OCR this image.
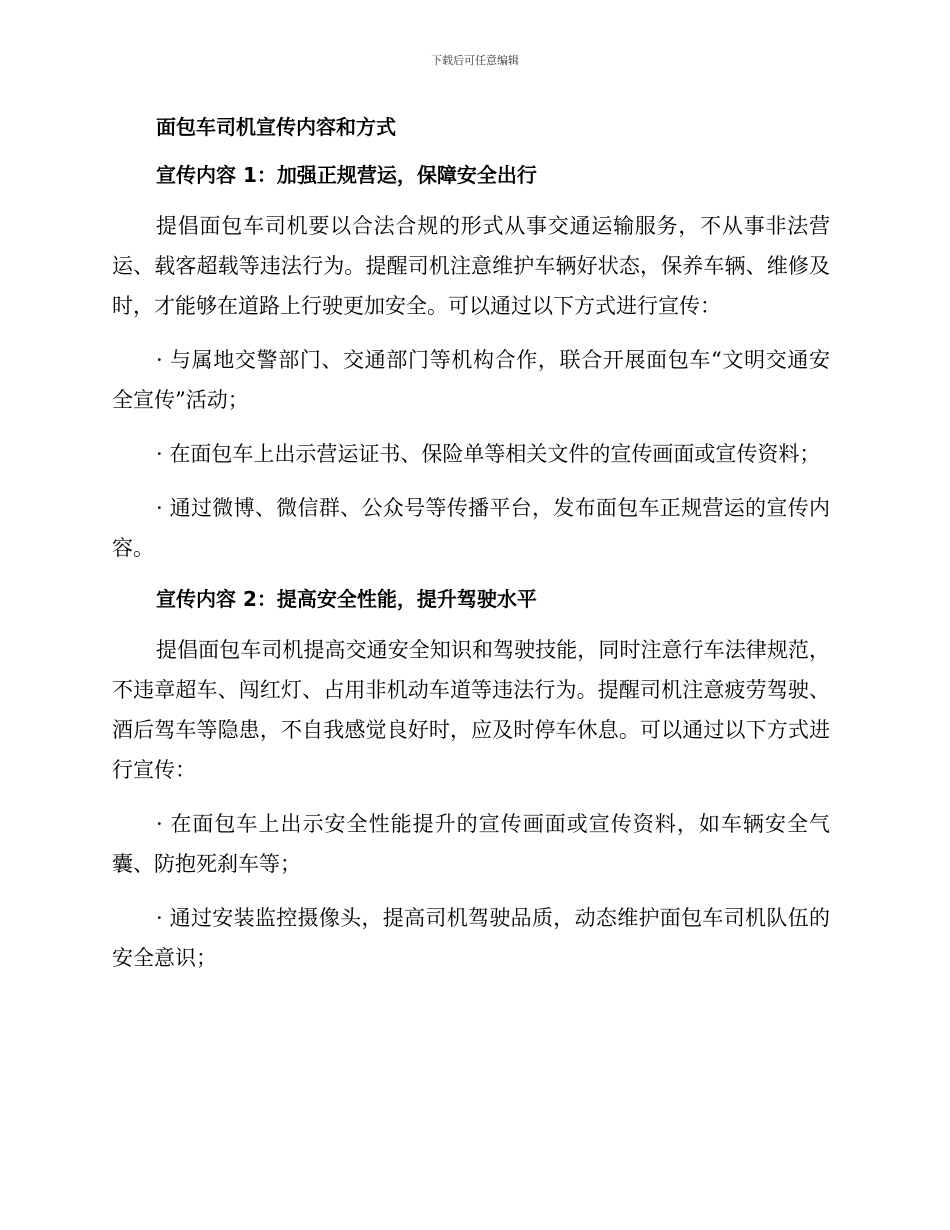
下载后可任意编辑
面包车司机宣传内容和方式
宣传内容 1：加强正规营运，保障安全出行

提倡面包车司机要以合法合规的形式从事交通运输服务，不从事非法营运、载客超载等违法行为。提醒司机注意维护车辆好状态，保养车辆、维修及时，才能够在道路上行驶更加安全。可以通过以下方式进行宣传：

· 与属地交警部门、交通部门等机构合作，联合开展面包车“文明交通安全宣传”活动；

· 在面包车上出示营运证书、保险单等相关文件的宣传画面或宣传资料；

· 通过微博、微信群、公众号等传播平台，发布面包车正规营运的宣传内容。

宣传内容 2：提高安全性能，提升驾驶水平

提倡面包车司机提高交通安全知识和驾驶技能，同时注意行车法律规范，不违章超车、闯红灯、占用非机动车道等违法行为。提醒司机注意疲劳驾驶、酒后驾车等隐患，不自我感觉良好时，应及时停车休息。可以通过以下方式进行宣传：

· 在面包车上出示安全性能提升的宣传画面或宣传资料，如车辆安全气囊、防抱死刹车等；

· 通过安装监控摄像头，提高司机驾驶品质，动态维护面包车司机队伍的安全意识；
